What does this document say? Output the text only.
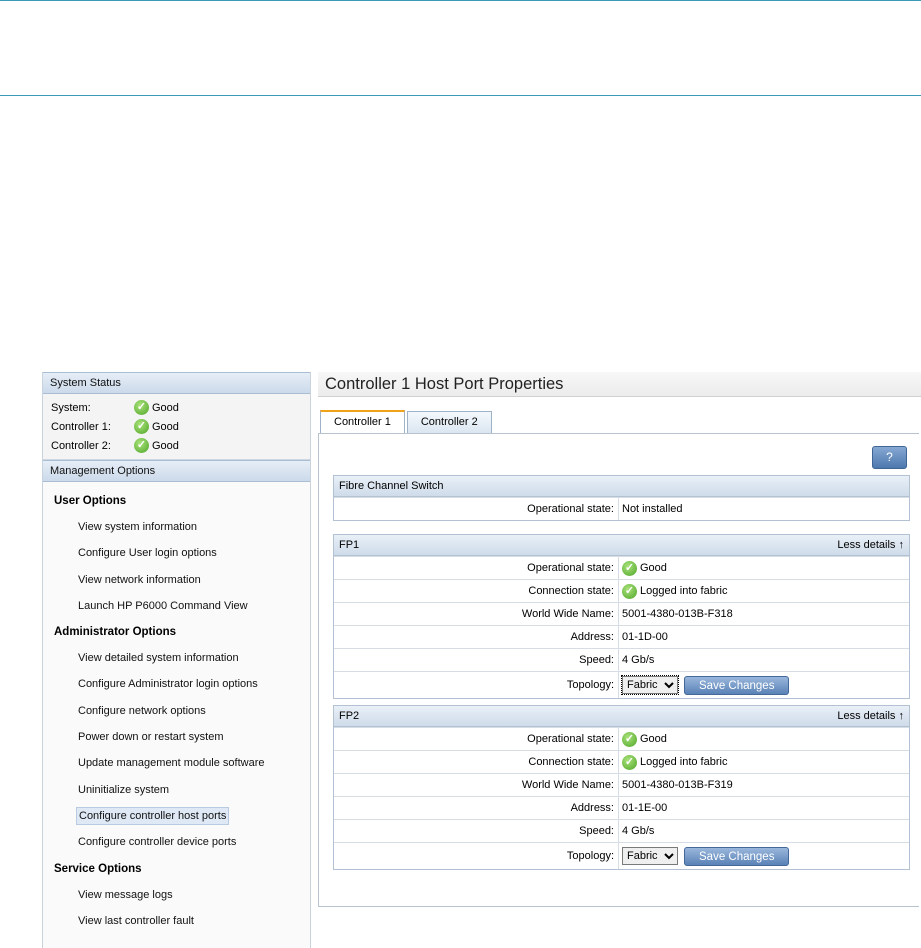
System Status
System:	✓ Good
Controller 1:	✓ Good
Controller 2:	✓ Good
Management Options
User Options
View system information
Configure User login options
View network information
Launch HP P6000 Command View
Administrator Options
View detailed system information
Configure Administrator login options
Configure network options
Power down or restart system
Update management module software
Uninitialize system
Configure controller host ports
Configure controller device ports
Service Options
View message logs
View last controller fault
Controller 1 Host Port Properties
Controller 1	Controller 2
?
Fibre Channel Switch
Operational state: Not installed
FP1	Less details ↑
Operational state: ✓ Good
Connection state: ✓ Logged into fabric
World Wide Name: 5001-4380-013B-F318
Address: 01-1D-00
Speed: 4 Gb/s
Topology:
Fabric	Save Changes
FP2	Less details ↑
Operational state: ✓ Good
Connection state: ✓ Logged into fabric
World Wide Name: 5001-4380-013B-F319
Address: 01-1E-00
Speed: 4 Gb/s
Topology:
Fabric	Save Changes
